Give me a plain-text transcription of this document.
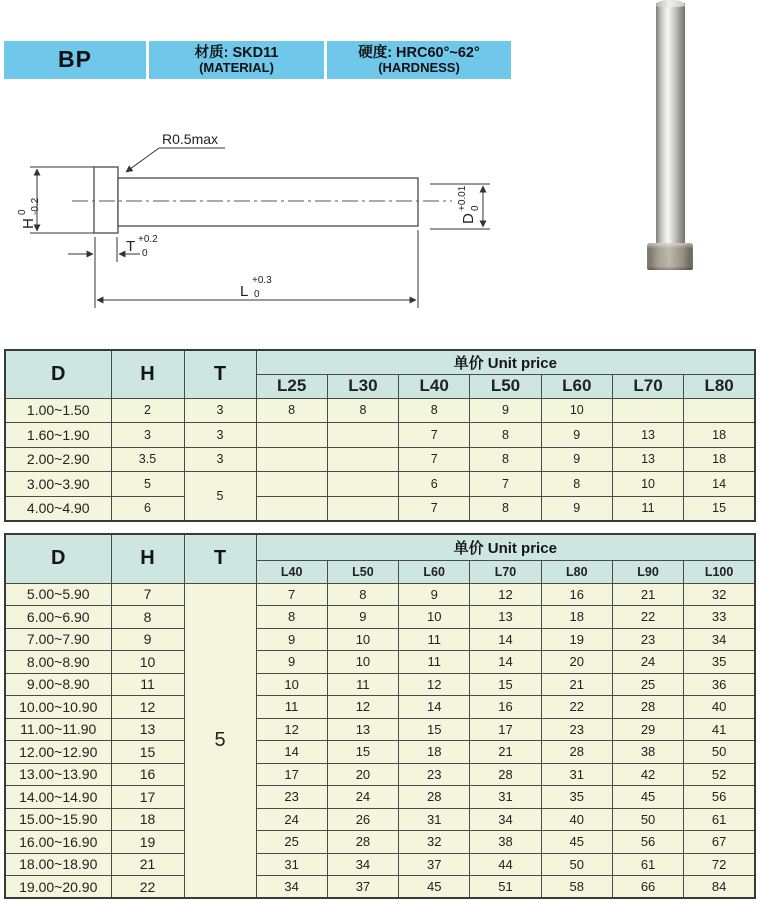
BP	材质: SKD11
(MATERIAL)
硬度: HRC60°~62°
(HARDNESS)
R0.5max
H
0 -0.2
T +0.2
0
L
+0.3
0
D
+0.01 0
D	H	T	单价 Unit price						
			L25	L30	L40	L50	L60	L70	L80
1.00~1.50	2	3	8	8	8	9	10		
1.60~1.90	3	3			7	8	9	13	18
2.00~2.90	3.5	3			7	8	9	13	18
3.00~3.90	5	5			6	7	8	10	14
4.00~4.90	6				7	8	9	11	15
D	H	T	单价 Unit price						
			L40	L50	L60	L70	L80	L90	L100
5.00~5.90	7	5	7	8	9	12	16	21	32
6.00~6.90	8		8	9	10	13	18	22	33
7.00~7.90	9		9	10	11	14	19	23	34
8.00~8.90	10		9	10	11	14	20	24	35
9.00~8.90	11		10	11	12	15	21	25	36
10.00~10.90	12		11	12	14	16	22	28	40
11.00~11.90	13		12	13	15	17	23	29	41
12.00~12.90	15		14	15	18	21	28	38	50
13.00~13.90	16		17	20	23	28	31	42	52
14.00~14.90	17		23	24	28	31	35	45	56
15.00~15.90	18		24	26	31	34	40	50	61
16.00~16.90	19		25	28	32	38	45	56	67
18.00~18.90	21		31	34	37	44	50	61	72
19.00~20.90	22		34	37	45	51	58	66	84
